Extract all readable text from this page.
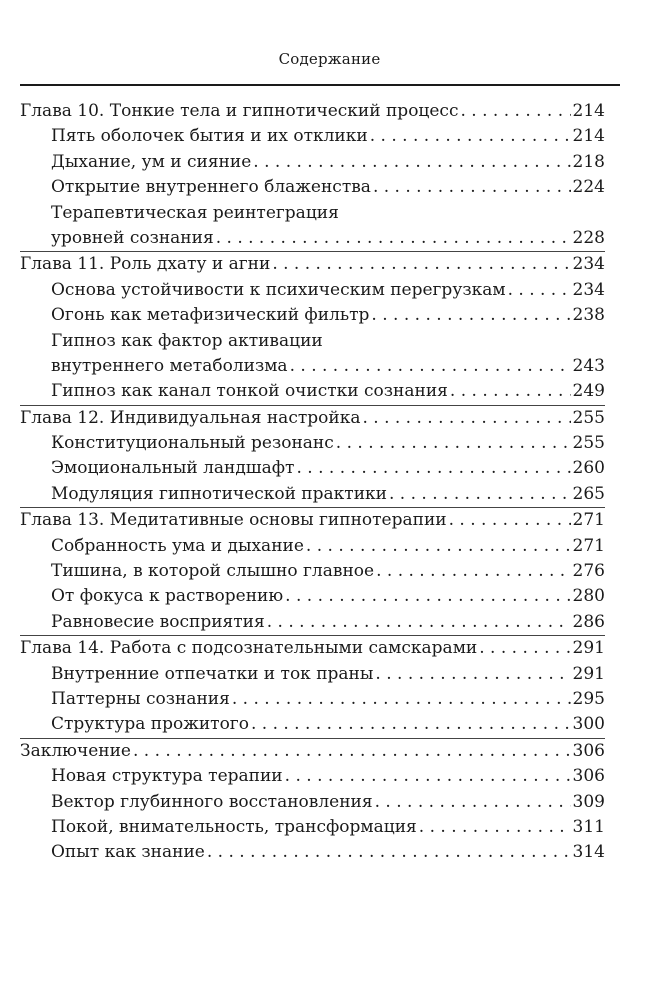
Содержание
Глава 10. Тонкие тела и гипнотический процесс . . .	214
Пять оболочек бытия и их отклики . . .	214
Дыхание, ум и сияние . . .	218
Открытие внутреннего блаженства . . .	224
Терапевтическая реинтеграция
уровней сознания . . .	228
Глава 11. Роль дхату и агни . . .	234
Основа устойчивости к психическим перегрузкам . . .	234
Огонь как метафизический фильтр . . .	238
Гипноз как фактор активации
внутреннего метаболизма . . .	243
Гипноз как канал тонкой очистки сознания . . .	249
Глава 12. Индивидуальная настройка . . .	255
Конституциональный резонанс . . .	255
Эмоциональный ландшафт . . .	260
Модуляция гипнотической практики . . .	265
Глава 13. Медитативные основы гипнотерапии . . .	271
Собранность ума и дыхание . . .	271
Тишина, в которой слышно главное . . .	276
От фокуса к растворению . . .	280
Равновесие восприятия . . .	286
Глава 14. Работа с подсознательными самскарами . . .	291
Внутренние отпечатки и ток праны . . .	291
Паттерны сознания . . .	295
Структура прожитого . . .	300
Заключение . . .	306
Новая структура терапии . . .	306
Вектор глубинного восстановления . . .	309
Покой, внимательность, трансформация . . .	311
Опыт как знание . . .	314
